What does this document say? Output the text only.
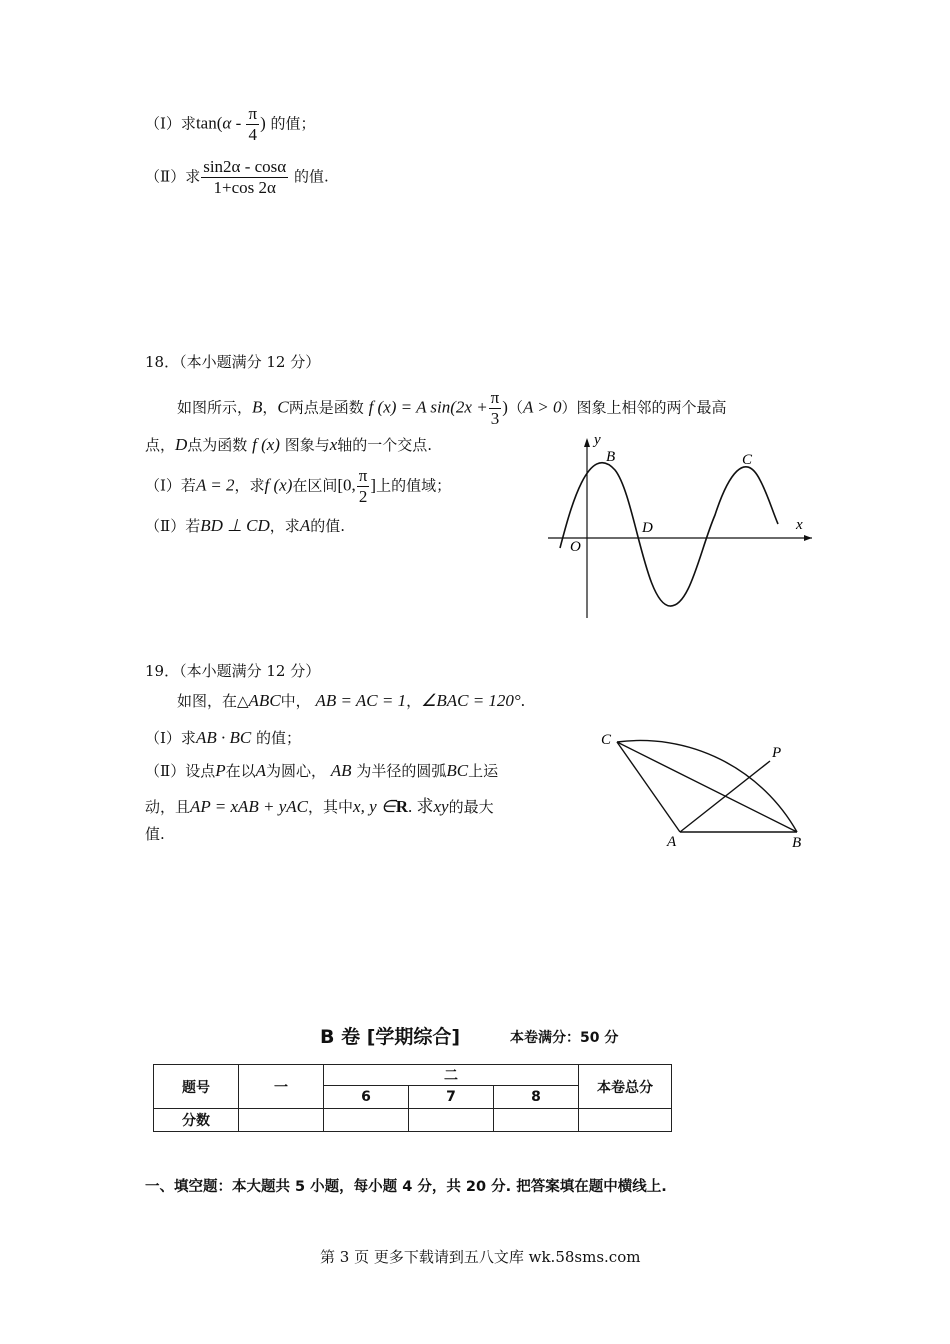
（Ⅰ）求$\tan(\alpha - \frac{\pi}{4}$ ) 的值；
（Ⅱ）求 $\frac{\sin 2\alpha - \cos\alpha}{1+\cos 2\alpha}$ 的值.
18．（本小题满分 12 分）
如图所示，B，C两点是函数 f (x) = A $\sin(2x + \frac{\pi}{3} )(A > 0)$图象上相邻的两个最高
点，D点为函数 f (x) 图象与x轴的一个交点.
（Ⅰ）若A = 2，求f (x)在区间[0, $\frac{\pi}{2}$ ]上的值域；
（Ⅱ）若BD ⊥ CD，求A的值.
y
x
O
B	C
D
19．（本小题满分 12 分）
如图，在△ABC中， AB = AC = 1，∠BAC = 120°.
（Ⅰ）求AB · BC 的值；
（Ⅱ）设点P在以A为圆心， AB 为半径的圆弧BC上运
动，且AP = xAB + yAC，其中x, y ∈R. 求xy的最大
值.
C
P
A	B
B 卷 [学期综合]	本卷满分：50 分
题号	一	二			本卷总分
		6	7	8	
分数					
一、填空题：本大题共 5 小题，每小题 4 分，共 20 分. 把答案填在题中横线上.
第 3 页 更多下载请到五八文库 wk.58sms.com
